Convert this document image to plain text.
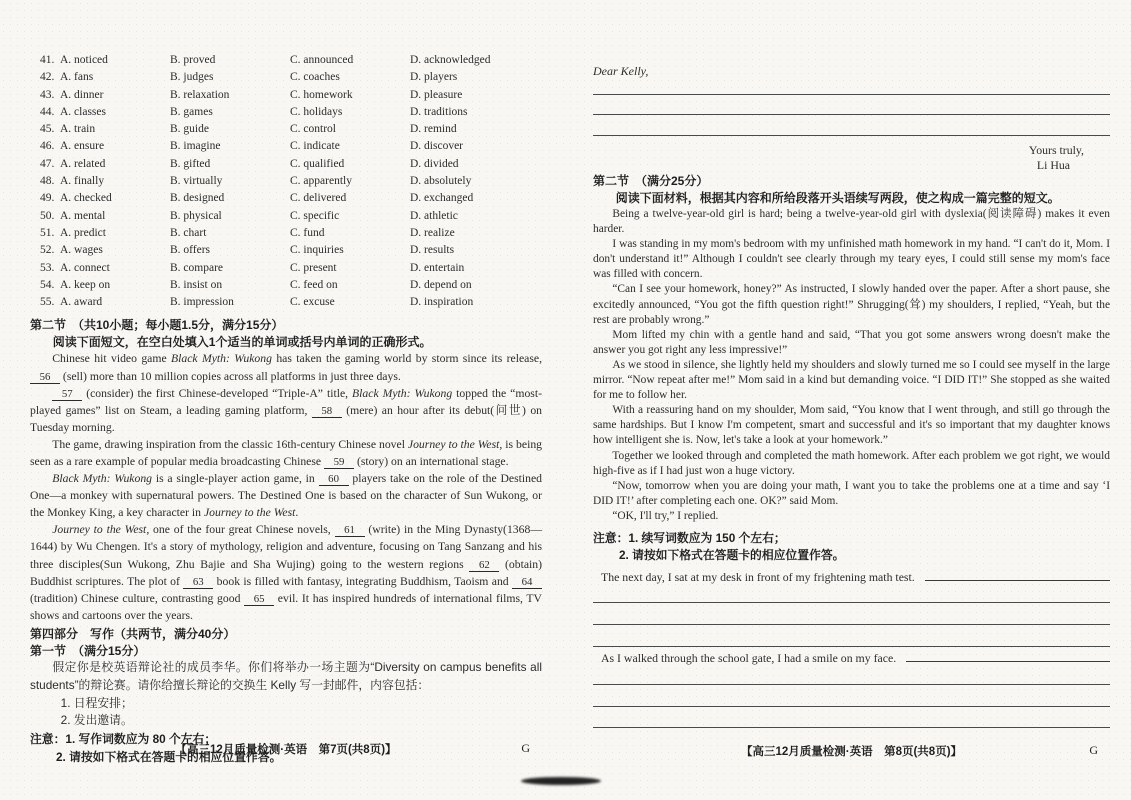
41. A. noticed	B. proved	C. announced	D. acknowledged
42. A. fans	B. judges	C. coaches	D. players
43. A. dinner	B. relaxation	C. homework	D. pleasure
44. A. classes	B. games	C. holidays	D. traditions
45. A. train	B. guide	C. control	D. remind
46. A. ensure	B. imagine	C. indicate	D. discover
47. A. related	B. gifted	C. qualified	D. divided
48. A. finally	B. virtually	C. apparently	D. absolutely
49. A. checked	B. designed	C. delivered	D. exchanged
50. A. mental	B. physical	C. specific	D. athletic
51. A. predict	B. chart	C. fund	D. realize
52. A. wages	B. offers	C. inquiries	D. results
53. A. connect	B. compare	C. present	D. entertain
54. A. keep on	B. insist on	C. feed on	D. depend on
55. A. award	B. impression	C. excuse	D. inspiration
第二节　（共10小题；每小题1.5分，满分15分）
阅读下面短文，在空白处填入1个适当的单词或括号内单词的正确形式。

Chinese hit video game Black Myth: Wukong has taken the gaming world by storm since its release, 56 (sell) more than 10 million copies across all platforms in just three days.

57 (consider) the first Chinese-developed “Triple-A” title, Black Myth: Wukong topped the “most-played games” list on Steam, a leading gaming platform, 58 (mere) an hour after its debut(问世) on Tuesday morning.

The game, drawing inspiration from the classic 16th-century Chinese novel Journey to the West, is being seen as a rare example of popular media broadcasting Chinese 59 (story) on an international stage.

Black Myth: Wukong is a single-player action game, in 60 players take on the role of the Destined One—a monkey with supernatural powers. The Destined One is based on the character of Sun Wukong, or the Monkey King, a key character in Journey to the West.

Journey to the West, one of the four great Chinese novels, 61 (write) in the Ming Dynasty(1368—1644) by Wu Chengen. It's a story of mythology, religion and adventure, focusing on Tang Sanzang and his three disciples(Sun Wukong, Zhu Bajie and Sha Wujing) going to the western regions 62 (obtain) Buddhist scriptures. The plot of 63 book is filled with fantasy, integrating Buddhism, Taoism and 64 (tradition) Chinese culture, contrasting good 65 evil. It has inspired hundreds of international films, TV shows and cartoons over the years.

第四部分　写作（共两节，满分40分）
第一节　（满分15分）

假定你是校英语辩论社的成员李华。你们将举办一场主题为“Diversity on campus benefits all students”的辩论赛。请你给擅长辩论的交换生 Kelly 写一封邮件，内容包括：

1. 日程安排；
2. 发出邀请。
注意：1. 写作词数应为 80 个左右；
2. 请按如下格式在答题卡的相应位置作答。
【高三12月质量检测·英语　第7页(共8页)】	G
Dear Kelly,
Yours truly,
Li Hua
第二节　（满分25分）
阅读下面材料，根据其内容和所给段落开头语续写两段，使之构成一篇完整的短文。

Being a twelve-year-old girl is hard; being a twelve-year-old girl with dyslexia(阅读障碍) makes it even harder.

I was standing in my mom's bedroom with my unfinished math homework in my hand. “I can't do it, Mom. I don't understand it!” Although I couldn't see clearly through my teary eyes, I could still sense my mom's face was filled with concern.

“Can I see your homework, honey?” As instructed, I slowly handed over the paper. After a short pause, she excitedly announced, “You got the fifth question right!” Shrugging(耸) my shoulders, I replied, “Yeah, but the rest are probably wrong.”

Mom lifted my chin with a gentle hand and said, “That you got some answers wrong doesn't make the answer you got right any less impressive!”

As we stood in silence, she lightly held my shoulders and slowly turned me so I could see myself in the large mirror. “Now repeat after me!” Mom said in a kind but demanding voice. “I DID IT!” She stopped as she waited for me to follow her.

With a reassuring hand on my shoulder, Mom said, “You know that I went through, and still go through the same hardships. But I know I'm competent, smart and successful and it's so important that my daughter knows how intelligent she is. Now, let's take a look at your homework.”

Together we looked through and completed the math homework. After each problem we got right, we would high-five as if I had just won a huge victory.

“Now, tomorrow when you are doing your math, I want you to take the problems one at a time and say ‘I DID IT!’ after completing each one. OK?” said Mom.

“OK, I'll try,” I replied.

注意：1. 续写词数应为 150 个左右；
2. 请按如下格式在答题卡的相应位置作答。
The next day, I sat at my desk in front of my frightening math test.
As I walked through the school gate, I had a smile on my face.
【高三12月质量检测·英语　第8页(共8页)】	G
